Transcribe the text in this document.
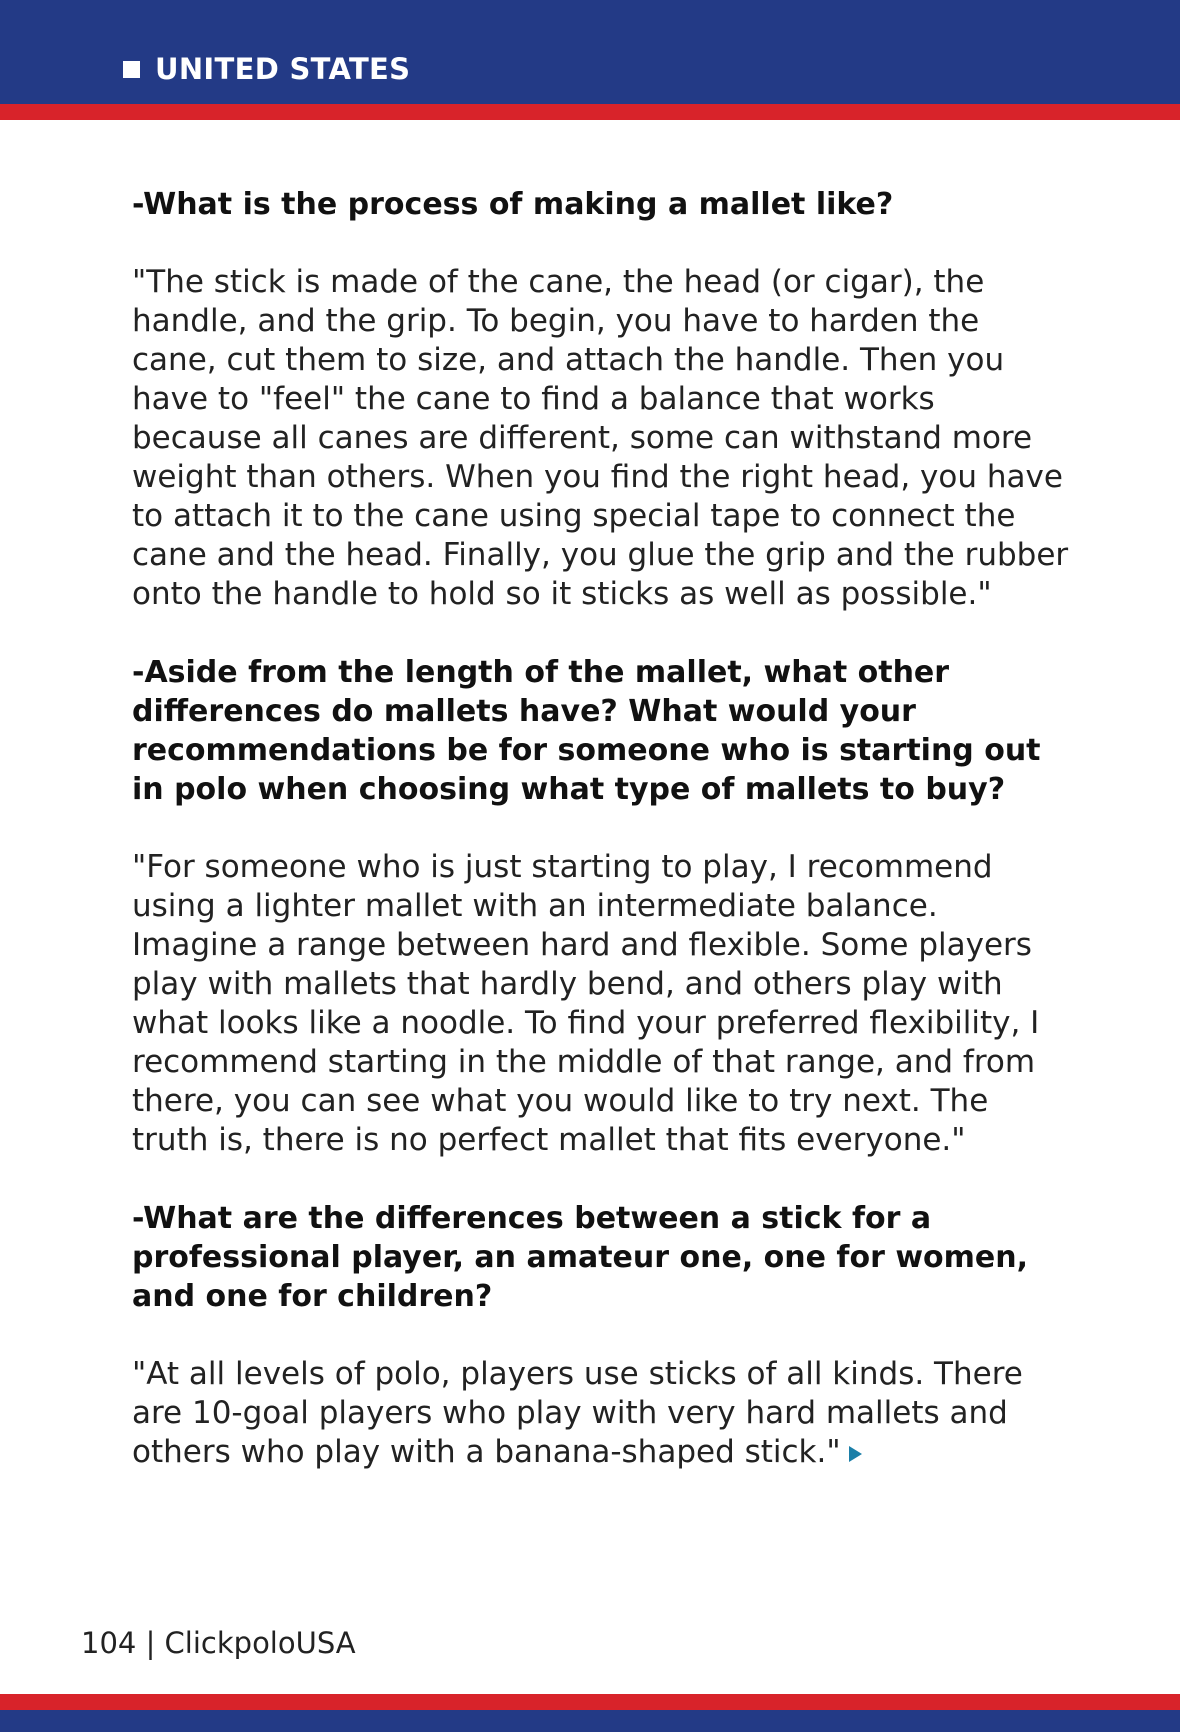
UNITED STATES

-What is the process of making a mallet like?

"The stick is made of the cane, the head (or cigar), the handle, and the grip. To begin, you have to harden the cane, cut them to size, and attach the handle. Then you have to "feel" the cane to find a balance that works because all canes are different, some can withstand more weight than others. When you find the right head, you have to attach it to the cane using special tape to connect the cane and the head. Finally, you glue the grip and the rubber onto the handle to hold so it sticks as well as possible."

-Aside from the length of the mallet, what other differences do mallets have? What would your recommendations be for someone who is starting out in polo when choosing what type of mallets to buy?

"For someone who is just starting to play, I recommend using a lighter mallet with an intermediate balance. Imagine a range between hard and flexible. Some players play with mallets that hardly bend, and others play with what looks like a noodle. To find your preferred flexibility, I recommend starting in the middle of that range, and from there, you can see what you would like to try next. The truth is, there is no perfect mallet that fits everyone."

-What are the differences between a stick for a professional player, an amateur one, one for women, and one for children?

"At all levels of polo, players use sticks of all kinds. There are 10-goal players who play with very hard mallets and others who play with a banana-shaped stick."

104 | ClickpoloUSA
